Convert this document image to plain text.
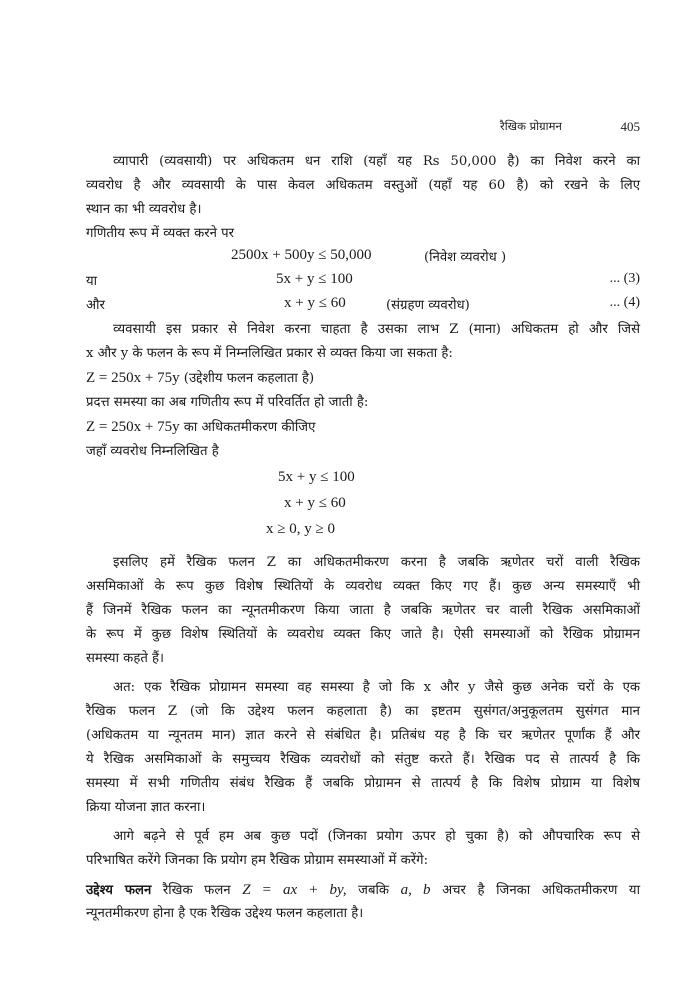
रैखिक प्रोग्रामन	405
व्यापारी (व्यवसायी) पर अधिकतम धन राशि (यहाँ यह Rs 50,000 है) का निवेश करने का
व्यवरोध है और व्यवसायी के पास केवल अधिकतम वस्तुओं (यहाँ यह 60 है) को रखने के लिए
स्थान का भी व्यवरोध है।
गणितीय रूप में व्यक्त करने पर
2500x + 500y ≤ 50,000	(निवेश व्यवरोध )
या	5x + y ≤ 100	... (3)
और	x + y ≤ 60	(संग्रहण व्यवरोध)	... (4)
व्यवसायी इस प्रकार से निवेश करना चाहता है उसका लाभ Z (माना) अधिकतम हो और जिसे
x और y के फलन के रूप में निम्नलिखित प्रकार से व्यक्त किया जा सकता है:
Z = 250x + 75y (उद्देशीय फलन कहलाता है)
प्रदत्त समस्या का अब गणितीय रूप में परिवर्तित हो जाती है:
Z = 250x + 75y का अधिकतमीकरण कीजिए
जहाँ व्यवरोध निम्नलिखित है
5x + y ≤ 100
x + y ≤ 60
x ≥ 0, y ≥ 0
इसलिए हमें रैखिक फलन Z का अधिकतमीकरण करना है जबकि ऋणेतर चरों वाली रैखिक
असमिकाओं के रूप कुछ विशेष स्थितियों के व्यवरोध व्यक्त किए गए हैं। कुछ अन्य समस्याएँ भी
हैं जिनमें रैखिक फलन का न्यूनतमीकरण किया जाता है जबकि ऋणेतर चर वाली रैखिक असमिकाओं
के रूप में कुछ विशेष स्थितियों के व्यवरोध व्यक्त किए जाते है। ऐसी समस्याओं को रैखिक प्रोग्रामन
समस्या कहते हैं।
अत: एक रैखिक प्रोग्रामन समस्या वह समस्या है जो कि x और y जैसे कुछ अनेक चरों के एक
रैखिक फलन Z (जो कि उद्देश्य फलन कहलाता है) का इष्टतम सुसंगत/अनुकूलतम सुसंगत मान
(अधिकतम या न्यूनतम मान) ज्ञात करने से संबंधित है। प्रतिबंध यह है कि चर ऋणेतर पूर्णांक हैं और
ये रैखिक असमिकाओं के समुच्चय रैखिक व्यवरोधों को संतुष्ट करते हैं। रैखिक पद से तात्पर्य है कि
समस्या में सभी गणितीय संबंध रैखिक हैं जबकि प्रोग्रामन से तात्पर्य है कि विशेष प्रोग्राम या विशेष
क्रिया योजना ज्ञात करना।
आगे बढ़ने से पूर्व हम अब कुछ पदों (जिनका प्रयोग ऊपर हो चुका है) को औपचारिक रूप से
परिभाषित करेंगे जिनका कि प्रयोग हम रैखिक प्रोग्राम समस्याओं में करेंगे:
उद्देश्य फलन रैखिक फलन Z = ax + by, जबकि a, b अचर है जिनका अधिकतमीकरण या
न्यूनतमीकरण होना है एक रैखिक उद्देश्य फलन कहलाता है।
